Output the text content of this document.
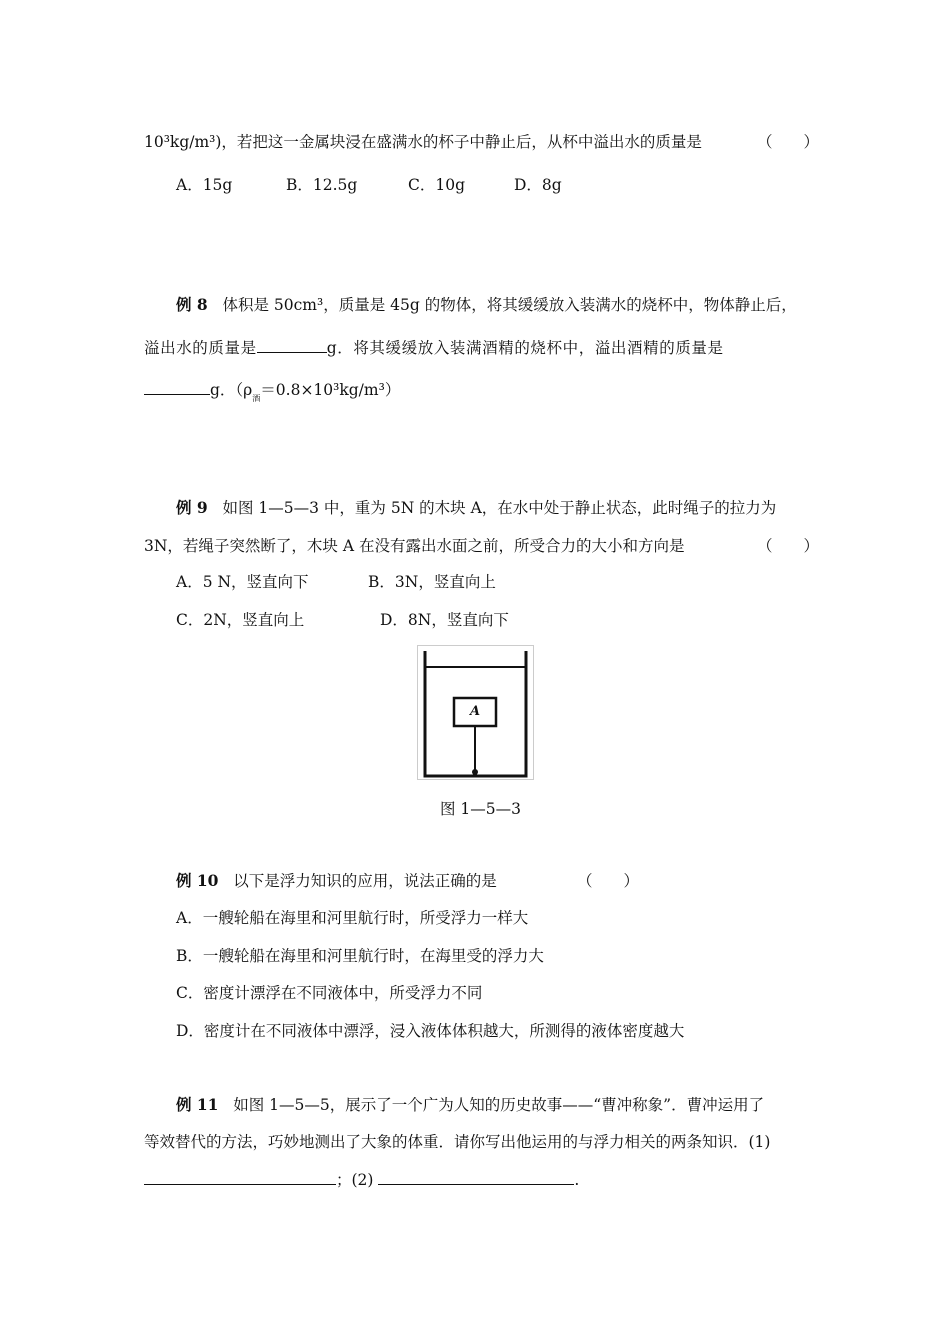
10³kg/m³)，若把这一金属块浸在盛满水的杯子中静止后，从杯中溢出水的质量是	（　　）
A．15g	B．12.5g	C．10g	D．8g
例 8 体积是 50cm³，质量是 45g 的物体，将其缓缓放入装满水的烧杯中，物体静止后，
溢出水的质量是	g．将其缓缓放入装满酒精的烧杯中，溢出酒精的质量是
g．$(\rho_酒=0.8\times 10^3kg/m^3)$
例 9 如图 1—5—3 中，重为 5N 的木块 A，在水中处于静止状态，此时绳子的拉力为
3N，若绳子突然断了，木块 A 在没有露出水面之前，所受合力的大小和方向是	（　　）
A．5 N，竖直向下	B．3N，竖直向上
C．2N，竖直向上	D．8N，竖直向下
A
图 1—5—3
例 10 以下是浮力知识的应用，说法正确的是	（　　）
A．一艘轮船在海里和河里航行时，所受浮力一样大
B．一艘轮船在海里和河里航行时，在海里受的浮力大
C．密度计漂浮在不同液体中，所受浮力不同
D．密度计在不同液体中漂浮，浸入液体体积越大，所测得的液体密度越大
例 11 如图 1—5—5，展示了一个广为人知的历史故事——“曹冲称象”．曹冲运用了
等效替代的方法，巧妙地测出了大象的体重．请你写出他运用的与浮力相关的两条知识．(1)
；(2)	.
